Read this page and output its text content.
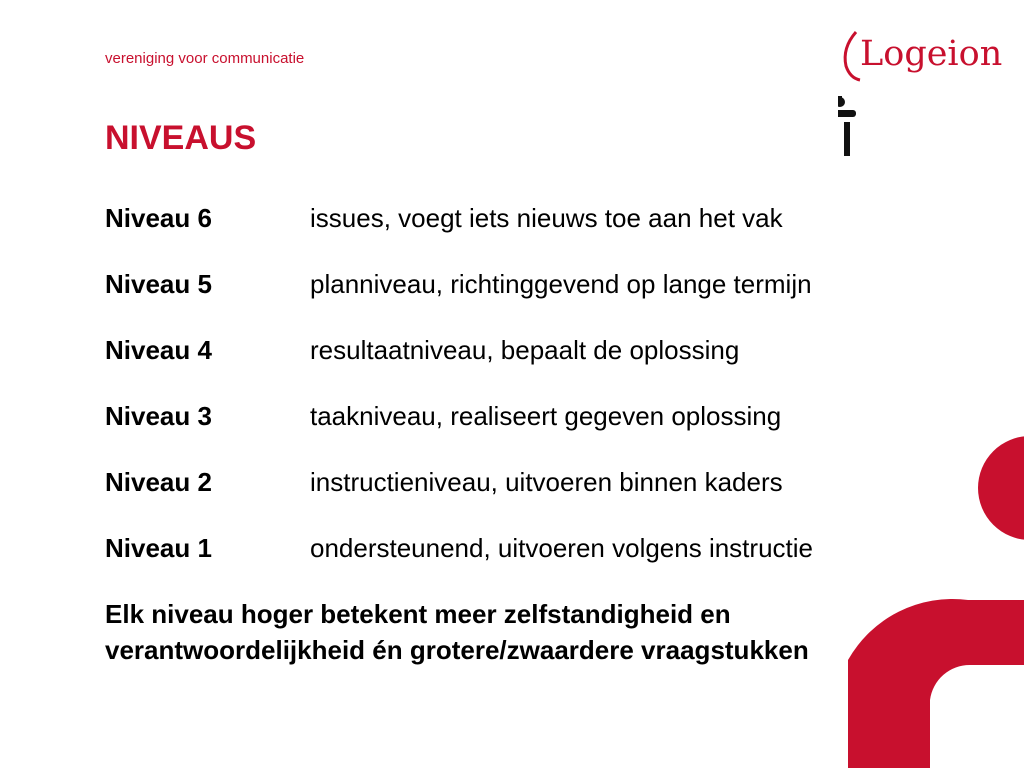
vereniging voor communicatie	Logeion
NIVEAUS
Niveau 6	issues, voegt iets nieuws toe aan het vak
Niveau 5	planniveau, richtinggevend op lange termijn
Niveau 4	resultaatniveau, bepaalt de oplossing
Niveau 3	taakniveau, realiseert gegeven oplossing
Niveau 2	instructieniveau, uitvoeren binnen kaders
Niveau 1	ondersteunend, uitvoeren volgens instructie
Elk niveau hoger betekent meer zelfstandigheid en
verantwoordelijkheid én grotere/zwaardere vraagstukken
